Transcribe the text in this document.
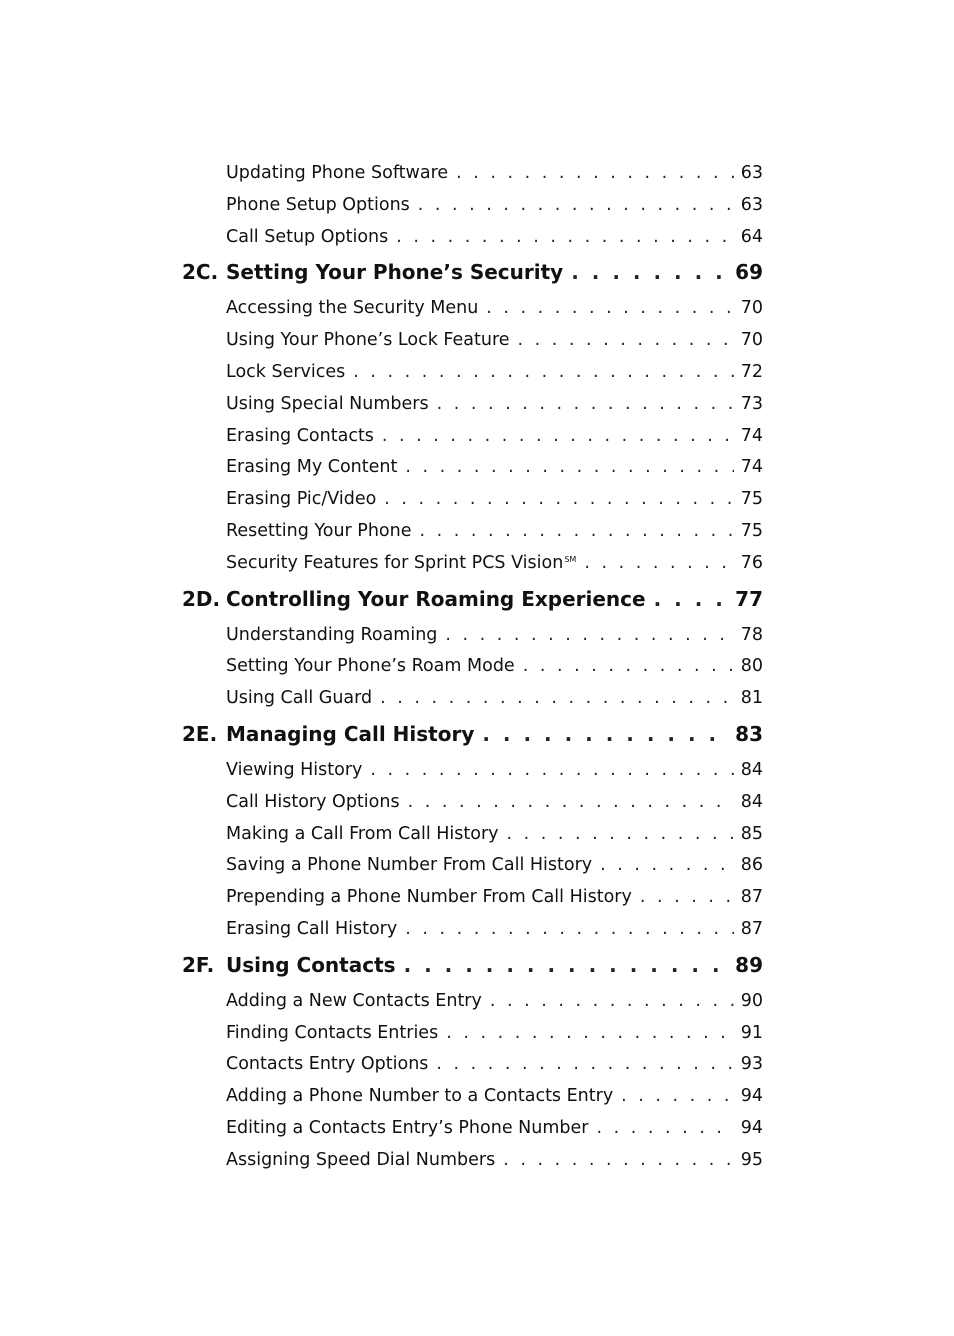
Updating Phone Software . . .	63
Phone Setup Options . . .	63
Call Setup Options . . .	64
2C. Setting Your Phone’s Security . . .	69
Accessing the Security Menu . . .	70
Using Your Phone’s Lock Feature . . .	70
Lock Services . . .	72
Using Special Numbers . . .	73
Erasing Contacts . . .	74
Erasing My Content . . .	74
Erasing Pic/Video . . .	75
Resetting Your Phone . . .	75
Security Features for Sprint PCS Vision℠ . . .	76
2D. Controlling Your Roaming Experience . . .	77
Understanding Roaming . . .	78
Setting Your Phone’s Roam Mode . . .	80
Using Call Guard . . .	81
2E. Managing Call History . . .	83
Viewing History . . .	84
Call History Options . . .	84
Making a Call From Call History . . .	85
Saving a Phone Number From Call History . . .	86
Prepending a Phone Number From Call History . . .	87
Erasing Call History . . .	87
2F. Using Contacts . . .	89
Adding a New Contacts Entry . . .	90
Finding Contacts Entries . . .	91
Contacts Entry Options . . .	93
Adding a Phone Number to a Contacts Entry . . .	94
Editing a Contacts Entry’s Phone Number . . .	94
Assigning Speed Dial Numbers . . .	95
